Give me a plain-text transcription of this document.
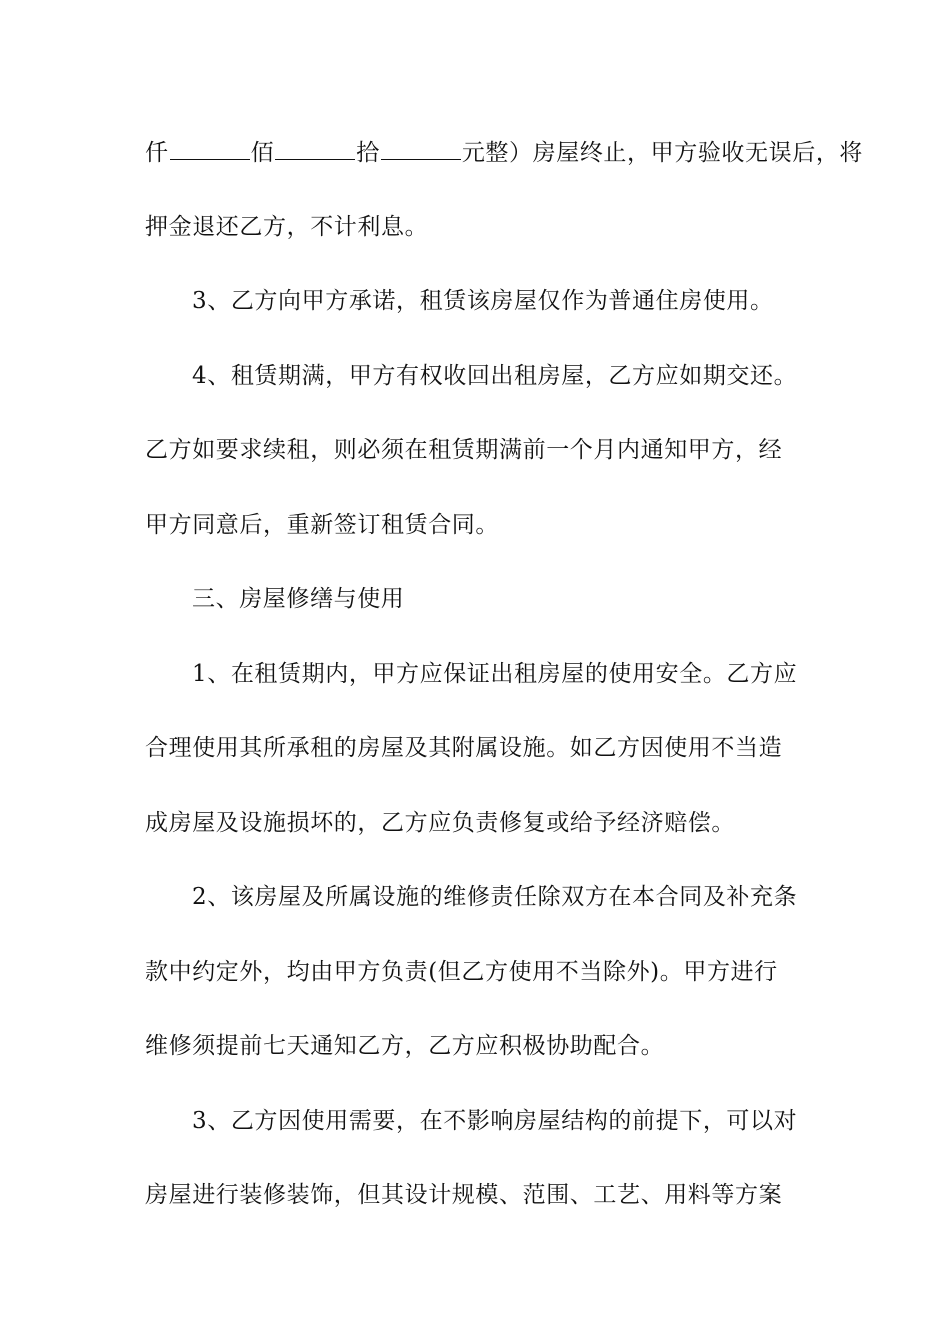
仟	佰	拾	元整）房屋终止，甲方验收无误后，将
押金退还乙方，不计利息。
3、乙方向甲方承诺，租赁该房屋仅作为普通住房使用。
4、租赁期满，甲方有权收回出租房屋，乙方应如期交还。
乙方如要求续租，则必须在租赁期满前一个月内通知甲方，经
甲方同意后，重新签订租赁合同。
三、房屋修缮与使用
1、在租赁期内，甲方应保证出租房屋的使用安全。乙方应
合理使用其所承租的房屋及其附属设施。如乙方因使用不当造
成房屋及设施损坏的，乙方应负责修复或给予经济赔偿。
2、该房屋及所属设施的维修责任除双方在本合同及补充条
款中约定外，均由甲方负责(但乙方使用不当除外)。甲方进行
维修须提前七天通知乙方，乙方应积极协助配合。
3、乙方因使用需要，在不影响房屋结构的前提下，可以对
房屋进行装修装饰，但其设计规模、范围、工艺、用料等方案
